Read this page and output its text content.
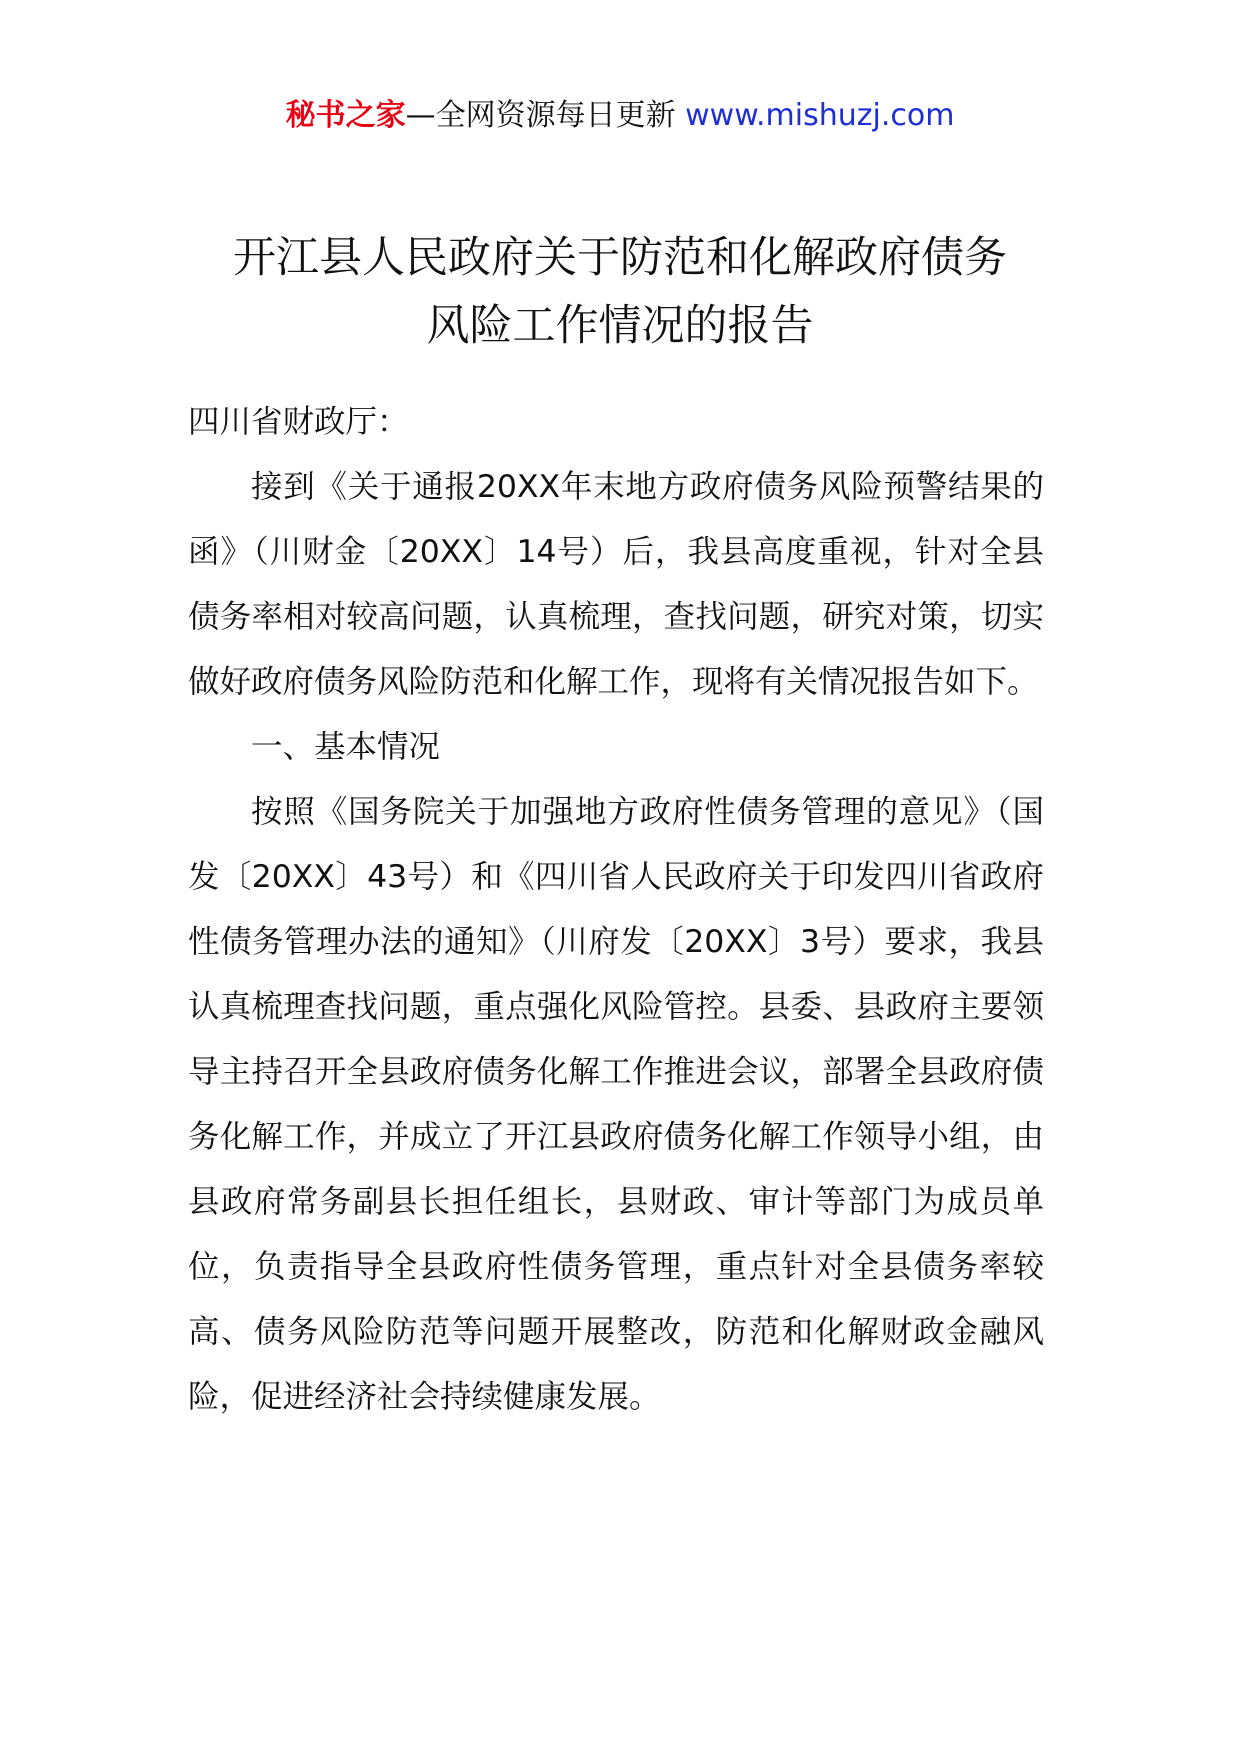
秘书之家—全网资源每日更新 www.mishuzj.com
开江县人民政府关于防范和化解政府债务
风险工作情况的报告

四川省财政厅：

接到《关于通报20XX年末地方政府债务风险预警结果的函》（川财金〔20XX〕14号）后，我县高度重视，针对全县债务率相对较高问题，认真梳理，查找问题，研究对策，切实做好政府债务风险防范和化解工作，现将有关情况报告如下。

一、基本情况

按照《国务院关于加强地方政府性债务管理的意见》（国发〔20XX〕43号）和《四川省人民政府关于印发四川省政府性债务管理办法的通知》（川府发〔20XX〕3号）要求，我县认真梳理查找问题，重点强化风险管控。县委、县政府主要领导主持召开全县政府债务化解工作推进会议，部署全县政府债务化解工作，并成立了开江县政府债务化解工作领导小组，由县政府常务副县长担任组长，县财政、审计等部门为成员单位，负责指导全县政府性债务管理，重点针对全县债务率较高、债务风险防范等问题开展整改，防范和化解财政金融风险，促进经济社会持续健康发展。
